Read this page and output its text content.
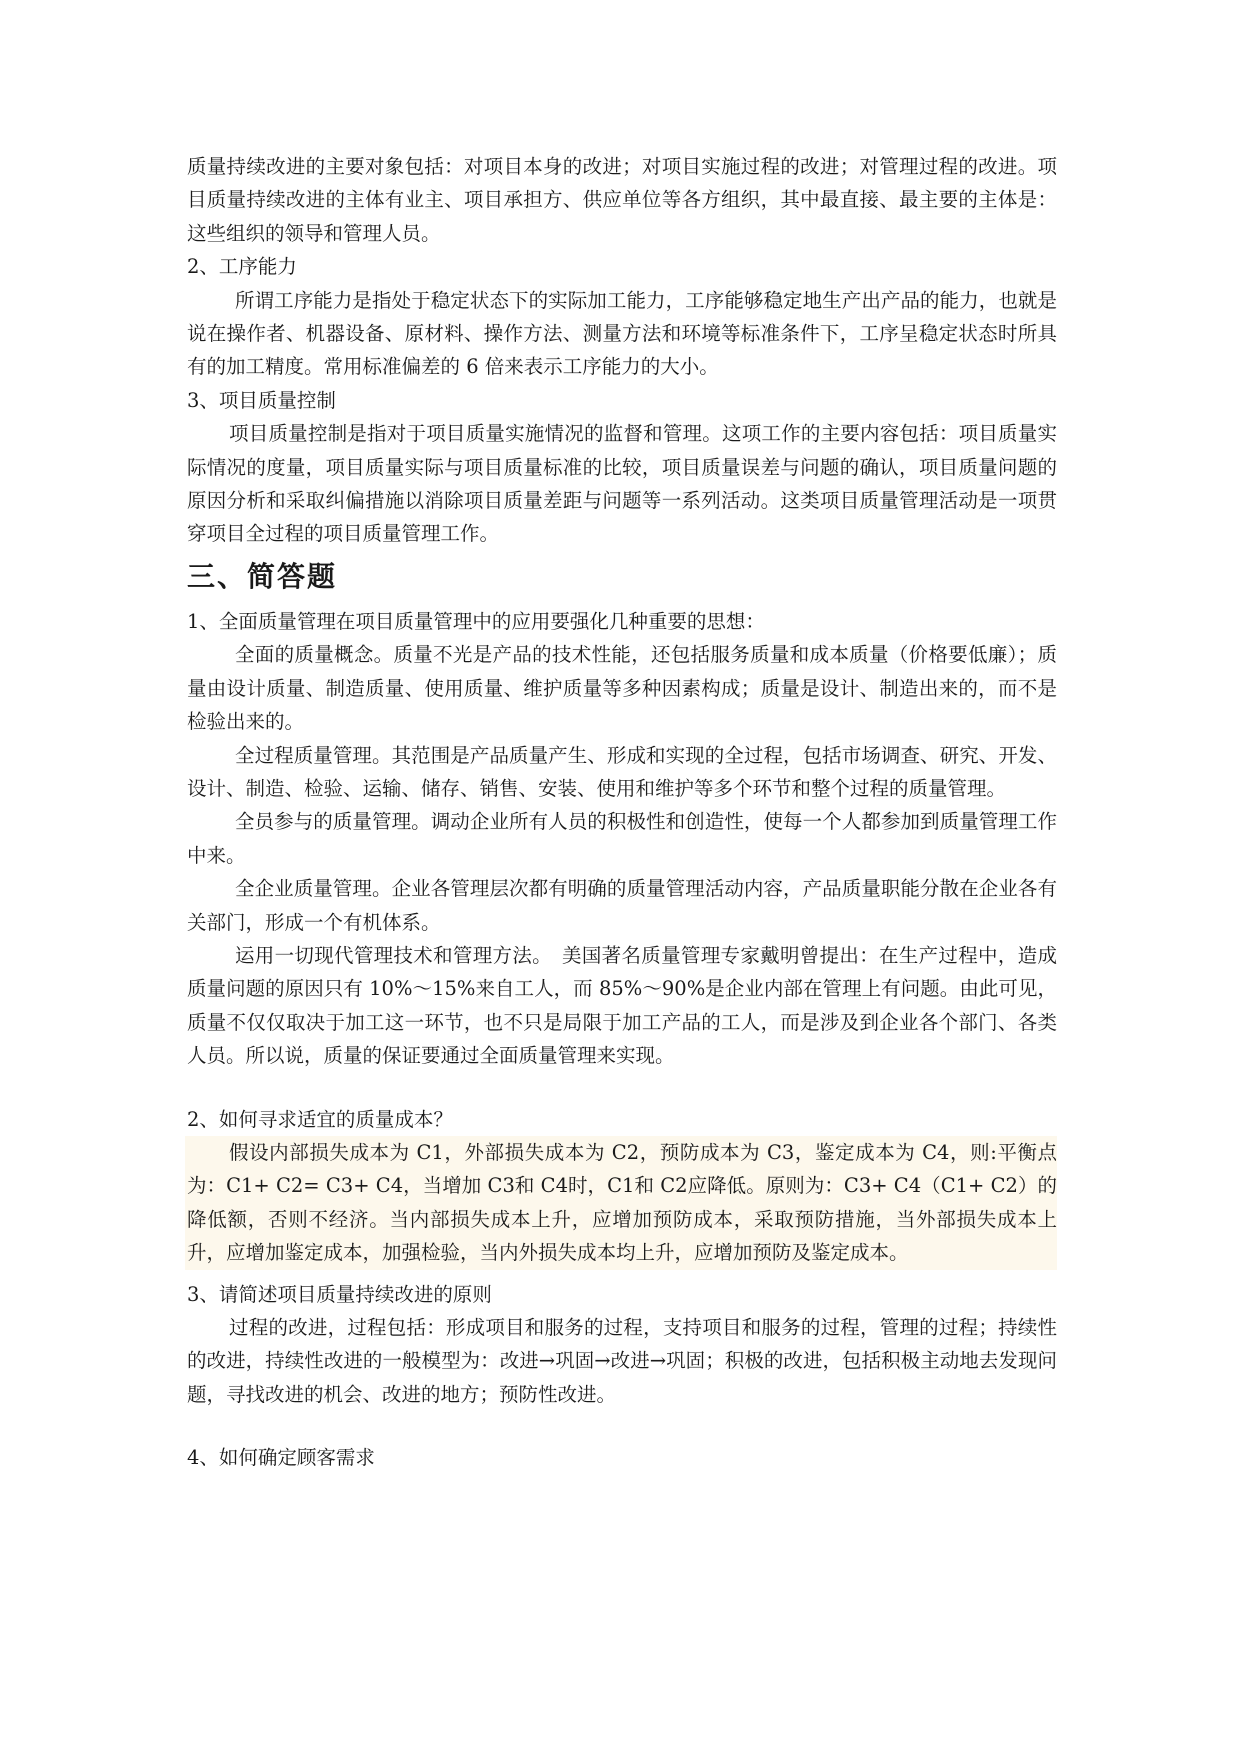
质量持续改进的主要对象包括：对项目本身的改进；对项目实施过程的改进；对管理过程的改进。项目质量持续改进的主体有业主、项目承担方、供应单位等各方组织，其中最直接、最主要的主体是：这些组织的领导和管理人员。

2、工序能力

所谓工序能力是指处于稳定状态下的实际加工能力，工序能够稳定地生产出产品的能力，也就是说在操作者、机器设备、原材料、操作方法、测量方法和环境等标准条件下，工序呈稳定状态时所具有的加工精度。常用标准偏差的 6 倍来表示工序能力的大小。

3、项目质量控制

项目质量控制是指对于项目质量实施情况的监督和管理。这项工作的主要内容包括：项目质量实际情况的度量，项目质量实际与项目质量标准的比较，项目质量误差与问题的确认，项目质量问题的原因分析和采取纠偏措施以消除项目质量差距与问题等一系列活动。这类项目质量管理活动是一项贯穿项目全过程的项目质量管理工作。

三、简答题

1、全面质量管理在项目质量管理中的应用要强化几种重要的思想：

全面的质量概念。质量不光是产品的技术性能，还包括服务质量和成本质量（价格要低廉）；质量由设计质量、制造质量、使用质量、维护质量等多种因素构成；质量是设计、制造出来的，而不是检验出来的。

全过程质量管理。其范围是产品质量产生、形成和实现的全过程，包括市场调查、研究、开发、设计、制造、检验、运输、储存、销售、安装、使用和维护等多个环节和整个过程的质量管理。

全员参与的质量管理。调动企业所有人员的积极性和创造性，使每一个人都参加到质量管理工作中来。

全企业质量管理。企业各管理层次都有明确的质量管理活动内容，产品质量职能分散在企业各有关部门，形成一个有机体系。

运用一切现代管理技术和管理方法。　美国著名质量管理专家戴明曾提出：在生产过程中，造成质量问题的原因只有 10%～15%来自工人，而 85%～90%是企业内部在管理上有问题。由此可见，质量不仅仅取决于加工这一环节，也不只是局限于加工产品的工人，而是涉及到企业各个部门、各类人员。所以说，质量的保证要通过全面质量管理来实现。

2、如何寻求适宜的质量成本？

假设内部损失成本为 C1，外部损失成本为 C2，预防成本为 C3，鉴定成本为 C4，则:平衡点为：C1+ C2= C3+ C4，当增加 C3和 C4时，C1和 C2应降低。原则为：C3+ C4（C1+ C2）的降低额，否则不经济。当内部损失成本上升，应增加预防成本，采取预防措施，当外部损失成本上升，应增加鉴定成本，加强检验，当内外损失成本均上升，应增加预防及鉴定成本。

3、请简述项目质量持续改进的原则

过程的改进，过程包括：形成项目和服务的过程，支持项目和服务的过程，管理的过程；持续性的改进，持续性改进的一般模型为：改进→巩固→改进→巩固；积极的改进，包括积极主动地去发现问题，寻找改进的机会、改进的地方；预防性改进。

4、如何确定顾客需求
